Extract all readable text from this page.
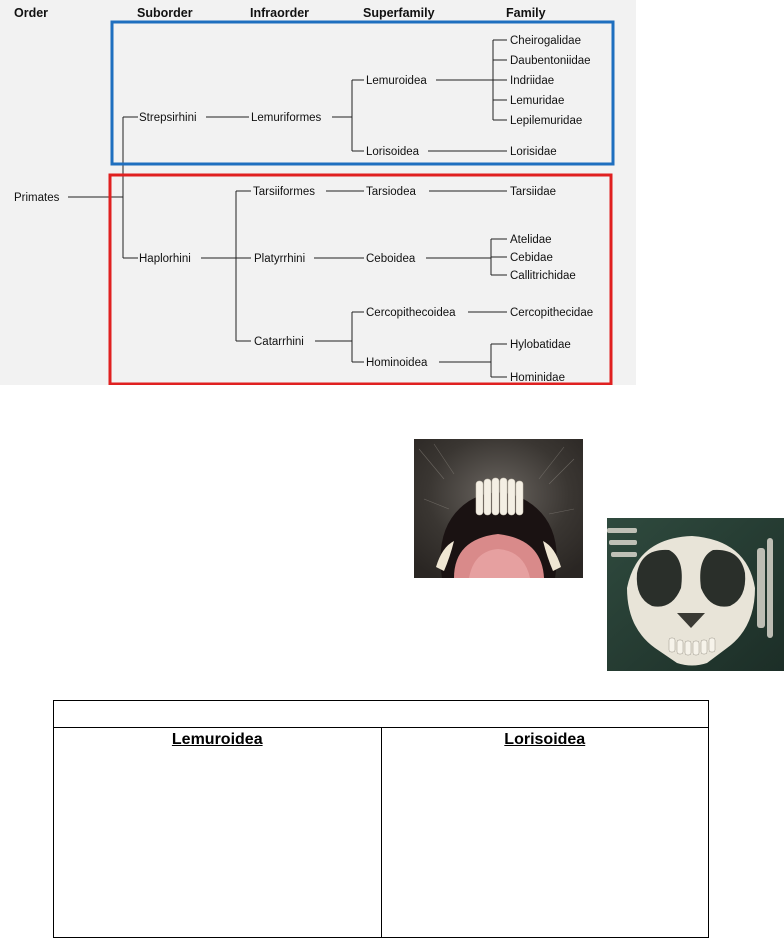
Order	Suborder	Infraorder	Superfamily	Family
Primates
Strepsirhini
Haplorhini
Lemuriformes
Tarsiiformes
Platyrrhini
Catarrhini
Lemuroidea
Lorisoidea
Tarsiodea
Ceboidea
Cercopithecoidea
Hominoidea
Cheirogalidae
Daubentoniidae
Indriidae
Lemuridae
Lepilemuridae
Lorisidae
Tarsiidae
Atelidae
Cebidae
Callitrichidae
Cercopithecidae
Hylobatidae
Hominidae

Lemuroidea	Lorisoidea
